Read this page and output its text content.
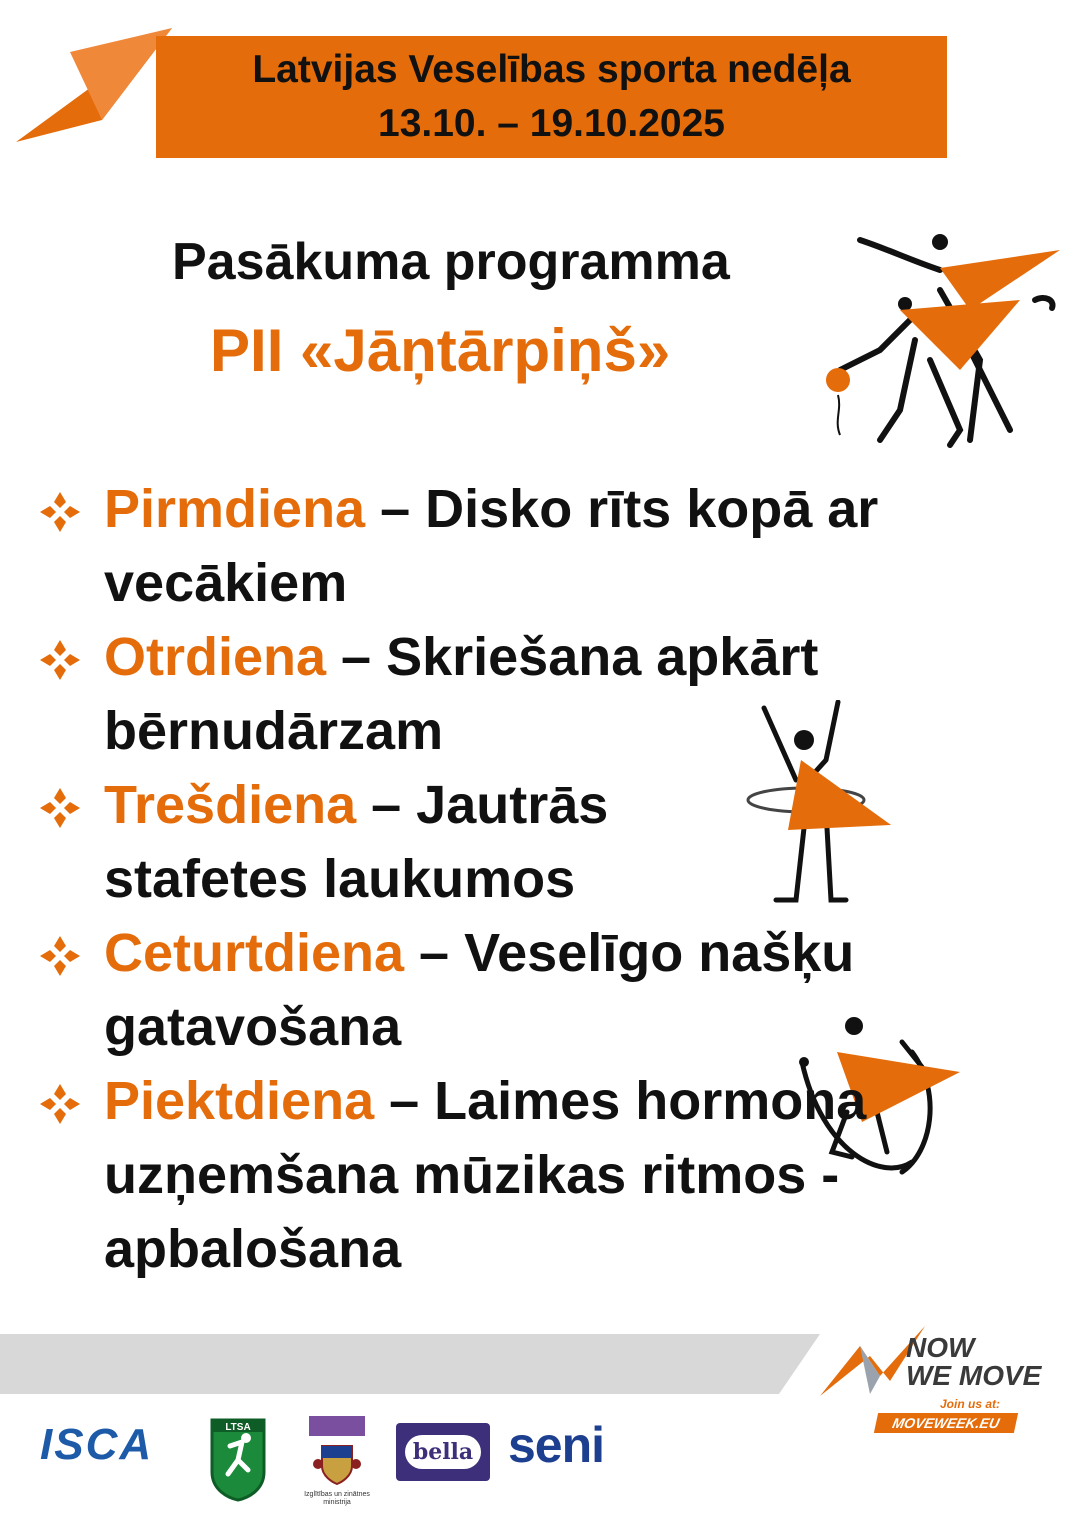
Latvijas Veselības sporta nedēļa
13.10. – 19.10.2025
Pasākuma programma
PII «Jāņtārpiņš»
Pirmdiena – Disko rīts kopā ar vecākiem
Otrdiena – Skriešana apkārt bērnudārzam
Trešdiena – Jautrās stafetes laukumos
Ceturtdiena – Veselīgo našķu gatavošana
Piektdiena – Laimes hormona uzņemšana mūzikas ritmos - apbalošana
NOW
WE MOVE
Join us at:
MOVEWEEK.EU
ISCA	LTSA
Izglītības un zinātnes ministrija
bella seni
